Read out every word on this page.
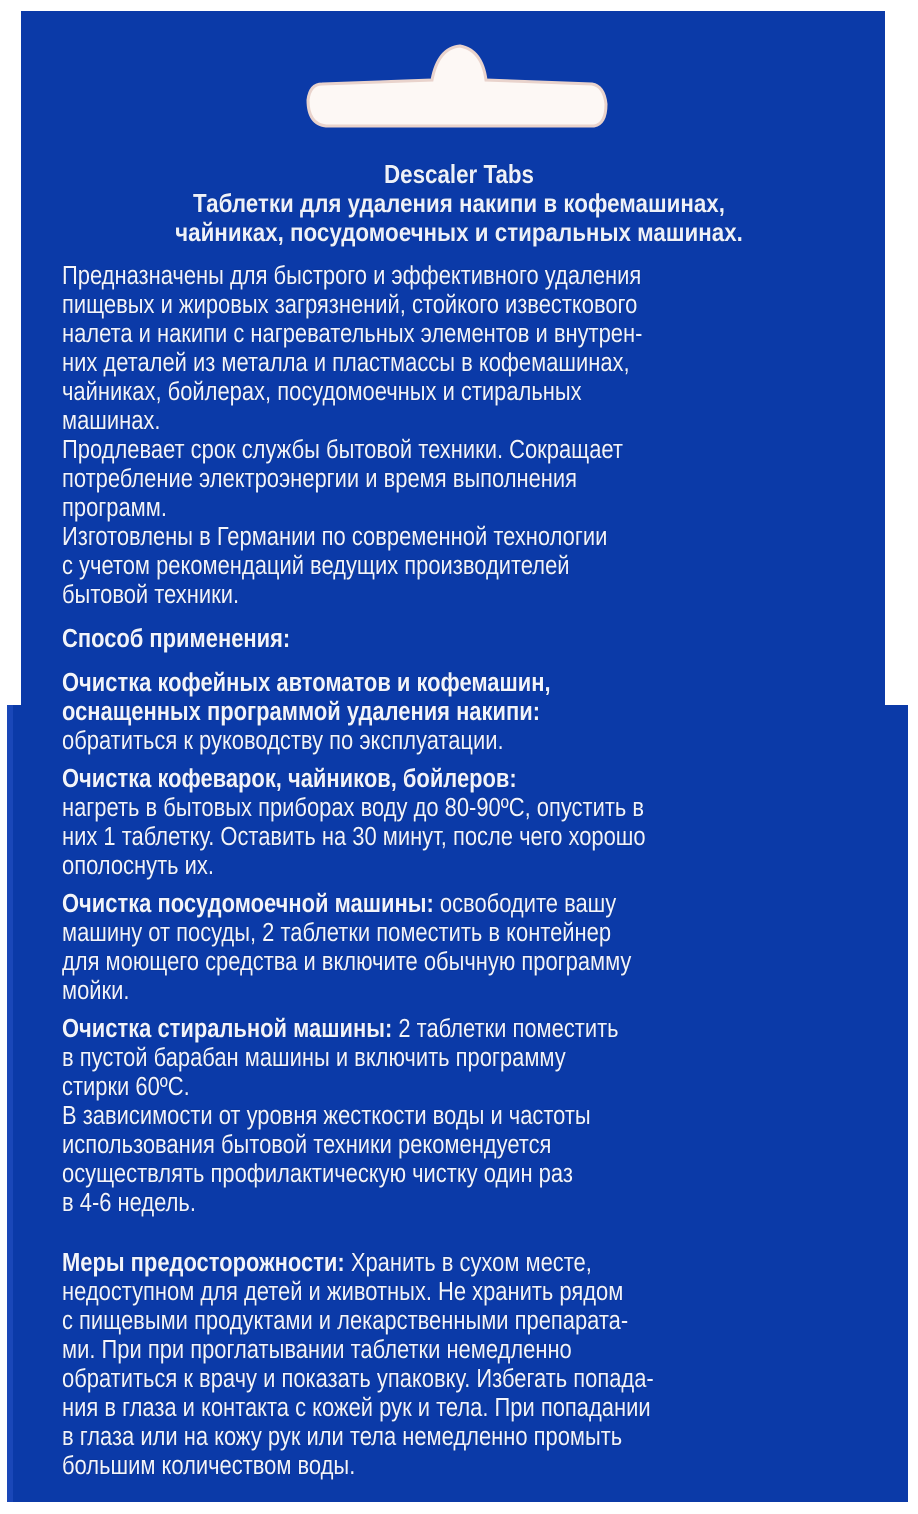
Descaler Tabs
Таблетки для удаления накипи в кофемашинах,
чайниках, посудомоечных и стиральных машинах.
Предназначены для быстрого и эффективного удаления
пищевых и жировых загрязнений, стойкого известкового
налета и накипи с нагревательных элементов и внутрен-
них деталей из металла и пластмассы в кофемашинах,
чайниках, бойлерах, посудомоечных и стиральных
машинах.
Продлевает срок службы бытовой техники. Сокращает
потребление электроэнергии и время выполнения
программ.
Изготовлены в Германии по современной технологии
с учетом рекомендаций ведущих производителей
бытовой техники.
Способ применения:
Очистка кофейных автоматов и кофемашин,
оснащенных программой удаления накипи:
обратиться к руководству по эксплуатации.
Очистка кофеварок, чайников, бойлеров:
нагреть в бытовых приборах воду до 80-90ºС, опустить в
них 1 таблетку. Оставить на 30 минут, после чего хорошо
ополоснуть их.
Очистка посудомоечной машины: освободите вашу
машину от посуды, 2 таблетки поместить в контейнер
для моющего средства и включите обычную программу
мойки.
Очистка стиральной машины: 2 таблетки поместить
в пустой барабан машины и включить программу
стирки 60ºС.
В зависимости от уровня жесткости воды и частоты
использования бытовой техники рекомендуется
осуществлять профилактическую чистку один раз
в 4-6 недель.
Меры предосторожности: Хранить в сухом месте,
недоступном для детей и животных. Не хранить рядом
с пищевыми продуктами и лекарственными препарата-
ми. При при проглатывании таблетки немедленно
обратиться к врачу и показать упаковку. Избегать попада-
ния в глаза и контакта с кожей рук и тела. При попадании
в глаза или на кожу рук или тела немедленно промыть
большим количеством воды.
